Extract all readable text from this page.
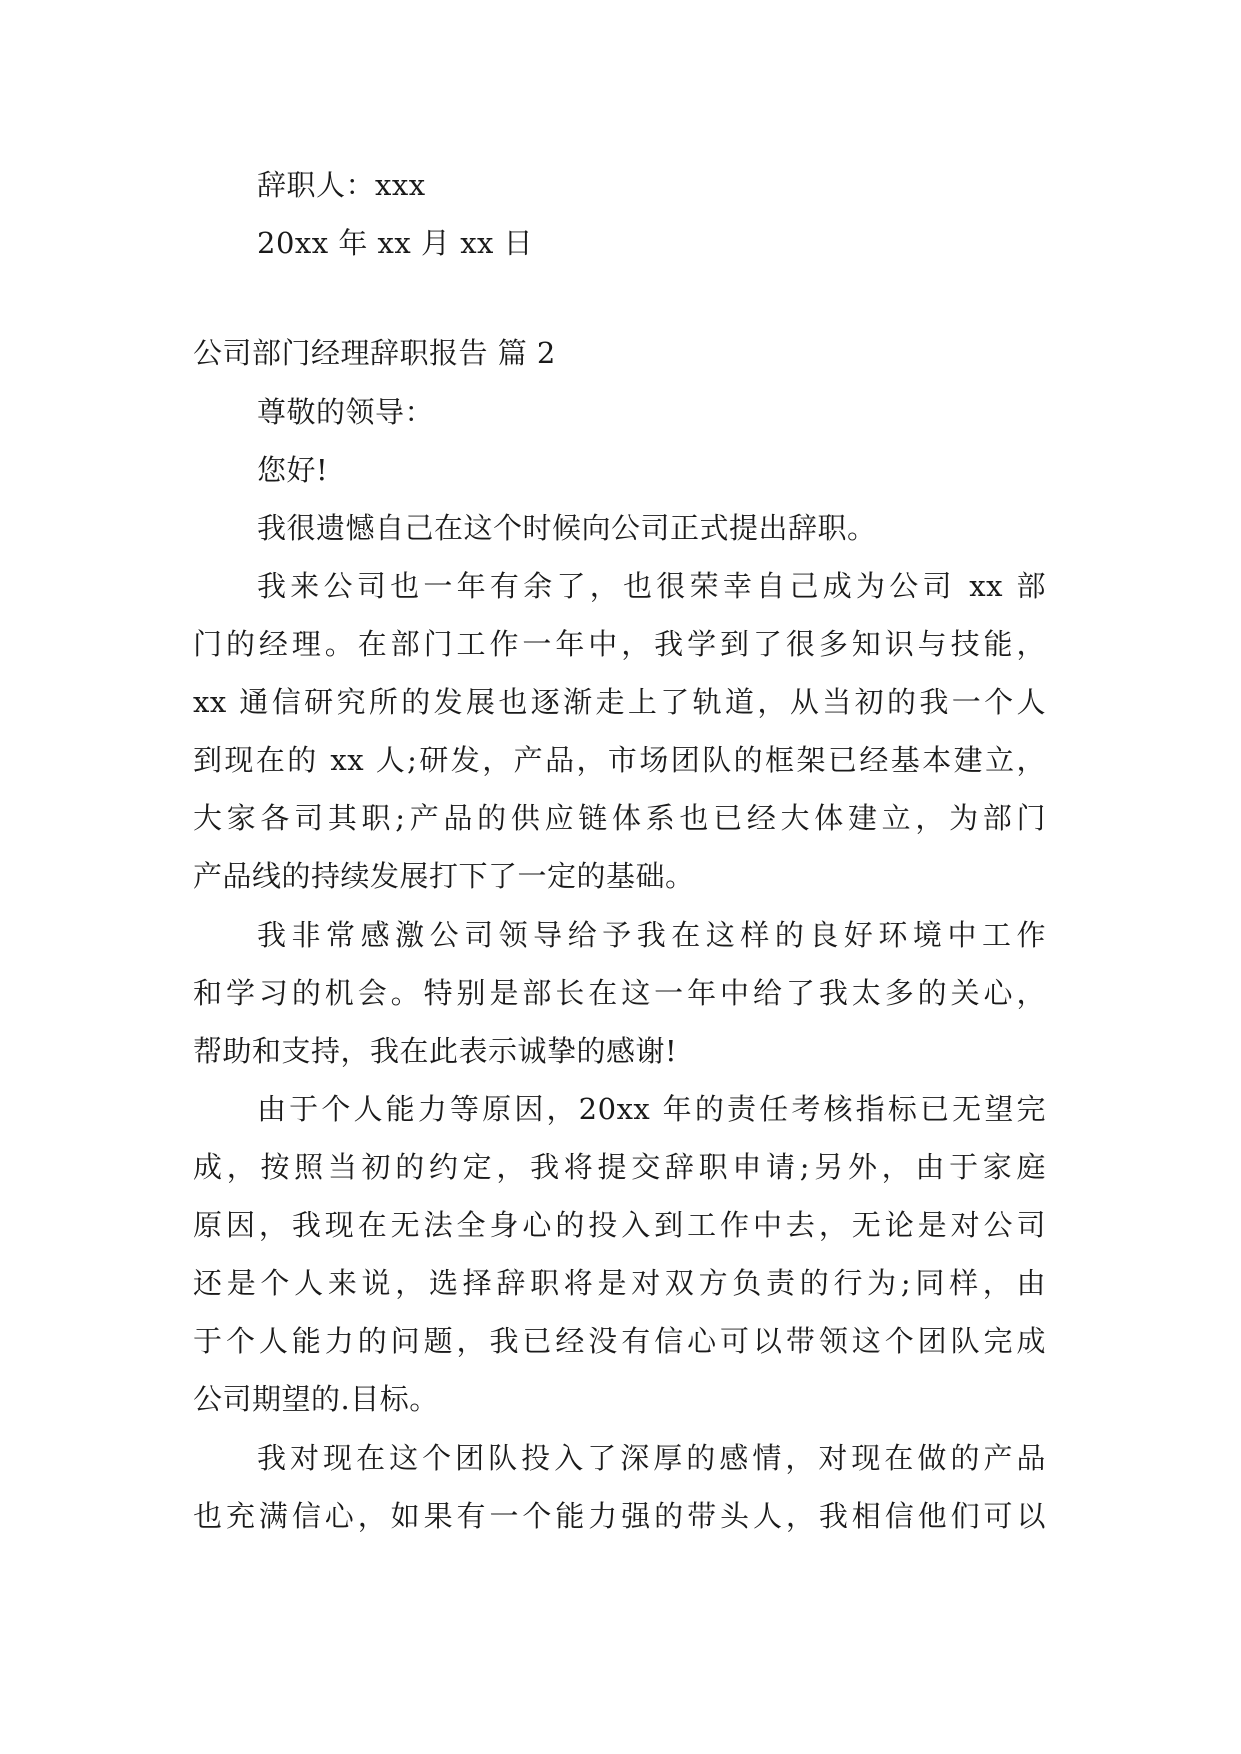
辞职人：xxx
20xx 年 xx 月 xx 日
公司部门经理辞职报告 篇 2
尊敬的领导：
您好!
我很遗憾自己在这个时候向公司正式提出辞职。
我来公司也一年有余了，也很荣幸自己成为公司 xx 部
门的经理。在部门工作一年中，我学到了很多知识与技能，
xx 通信研究所的发展也逐渐走上了轨道，从当初的我一个人
到现在的 xx 人;研发，产品，市场团队的框架已经基本建立，
大家各司其职;产品的供应链体系也已经大体建立，为部门
产品线的持续发展打下了一定的基础。
我非常感激公司领导给予我在这样的良好环境中工作
和学习的机会。特别是部长在这一年中给了我太多的关心，
帮助和支持，我在此表示诚挚的感谢!
由于个人能力等原因，20xx 年的责任考核指标已无望完
成，按照当初的约定，我将提交辞职申请;另外，由于家庭
原因，我现在无法全身心的投入到工作中去，无论是对公司
还是个人来说，选择辞职将是对双方负责的行为;同样，由
于个人能力的问题，我已经没有信心可以带领这个团队完成
公司期望的.目标。
我对现在这个团队投入了深厚的感情，对现在做的产品
也充满信心，如果有一个能力强的带头人，我相信他们可以
